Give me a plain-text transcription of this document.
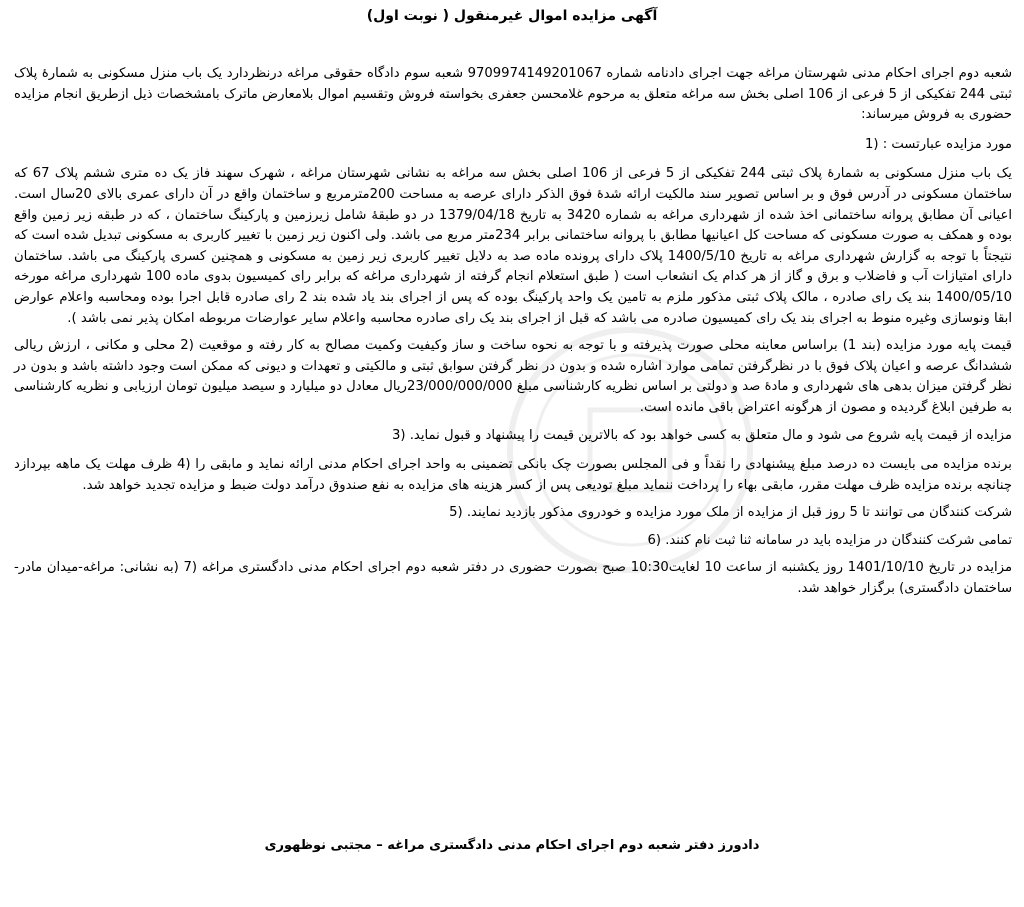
آگهی مزایده اموال غیرمنقول ( نوبت اول)

شعبه دوم اجرای احکام مدنی شهرستان مراغه جهت اجرای دادنامه شماره 9709974149201067 شعبه سوم دادگاه حقوقی مراغه درنظردارد یک باب منزل مسکونی به شمارهٔ پلاک ثبتی 244 تفکیکی از 5 فرعی از 106 اصلی بخش سه مراغه متعلق به مرحوم غلامحسن جعفری بخواسته فروش وتقسیم اموال بلامعارض ماترک بامشخصات ذیل ازطریق انجام مزایده حضوری به فروش میرساند:

مورد مزایده عبارتست : (1

یک باب منزل مسکونی به شمارهٔ پلاک ثبتی 244 تفکیکی از 5 فرعی از 106 اصلی بخش سه مراغه به نشانی شهرستان مراغه ، شهرک سهند فاز یک ده متری ششم پلاک 67 که ساختمان مسکونی در آدرس فوق و بر اساس تصویر سند مالکیت ارائه شدهٔ فوق الذکر دارای عرصه به مساحت 200مترمربع و ساختمان واقع در آن دارای عمری بالای 20سال است. اعیانی آن مطابق پروانه ساختمانی اخذ شده از شهرداری مراغه به شماره 3420 به تاریخ 1379/04/18 در دو طبقهٔ شامل زیرزمین و پارکینگ ساختمان ، که در طبقه زیر زمین واقع بوده و همکف به صورت مسکونی که مساحت کل اعیانیها مطابق با پروانه ساختمانی برابر 234متر مربع می باشد. ولی اکنون زیر زمین با تغییر کاربری به مسکونی تبدیل شده است که نتیجتاً با توجه به گزارش شهرداری مراغه به تاریخ 1400/5/10 پلاک دارای پرونده ماده صد به دلایل تغییر کاربری زیر زمین به مسکونی و همچنین کسری پارکینگ می باشد. ساختمان دارای امتیازات آب و فاضلاب و برق و گاز از هر کدام یک انشعاب است ( طبق استعلام انجام گرفته از شهرداری مراغه که برابر رای کمیسیون بدوی ماده 100 شهرداری مراغه مورخه 1400/05/10 بند یک رای صادره ، مالک پلاک ثبتی مذکور ملزم به تامین یک واحد پارکینگ بوده که پس از اجرای بند یاد شده بند 2 رای صادره قابل اجرا بوده ومحاسبه واعلام عوارض ابقا ونوسازی وغیره منوط به اجرای بند یک رای کمیسیون صادره می باشد که قبل از اجرای بند یک رای صادره محاسبه واعلام سایر عوارضات مربوطه امکان پذیر نمی باشد ).

قیمت پایه مورد مزایده (بند 1) براساس معاینه محلی صورت پذیرفته و با توجه به نحوه ساخت و ساز وکیفیت وکمیت مصالح به کار رفته و موقعیت (2 محلی و مکانی ، ارزش ریالی ششدانگ عرصه و اعیان پلاک فوق با در نظرگرفتن تمامی موارد اشاره شده و بدون در نظر گرفتن سوابق ثبتی و مالکیتی و تعهدات و دیونی که ممکن است وجود داشته باشد و بدون در نظر گرفتن میزان بدهی های شهرداری و مادهٔ صد و دولتی بر اساس نظریه کارشناسی مبلغ 23/000/000/000ریال معادل دو میلیارد و سیصد میلیون تومان ارزیابی و نظریه کارشناسی به طرفین ابلاغ گردیده و مصون از هرگونه اعتراض باقی مانده است.

مزایده از قیمت پایه شروع می شود و مال متعلق به کسی خواهد بود که بالاترین قیمت را پیشنهاد و قبول نماید. (3

برنده مزایده می بایست ده درصد مبلغ پیشنهادی را نقداً و فی المجلس بصورت چک بانکی تضمینی به واحد اجرای احکام مدنی ارائه نماید و مابقی را (4 ظرف مهلت یک ماهه بپردازد چنانچه برنده مزایده ظرف مهلت مقرر، مابقی بهاء را پرداخت ننماید مبلغ تودیعی پس از کسر هزینه های مزایده به نفع صندوق درآمد دولت ضبط و مزایده تجدید خواهد شد.

شرکت کنندگان می توانند تا 5 روز قبل از مزایده از ملک مورد مزایده و خودروی مذکور بازدید نمایند. (5

تمامی شرکت کنندگان در مزایده باید در سامانه ثنا ثبت نام کنند. (6

مزایده در تاریخ 1401/10/10 روز یکشنبه از ساعت 10 لغایت10:30 صبح بصورت حضوری در دفتر شعبه دوم اجرای احکام مدنی دادگستری مراغه (7 (به نشانی: مراغه-میدان مادر-ساختمان دادگستری) برگزار خواهد شد.

دادورز دفتر شعبه دوم اجرای احکام مدنی دادگستری مراغه – مجتبی نوظهوری
